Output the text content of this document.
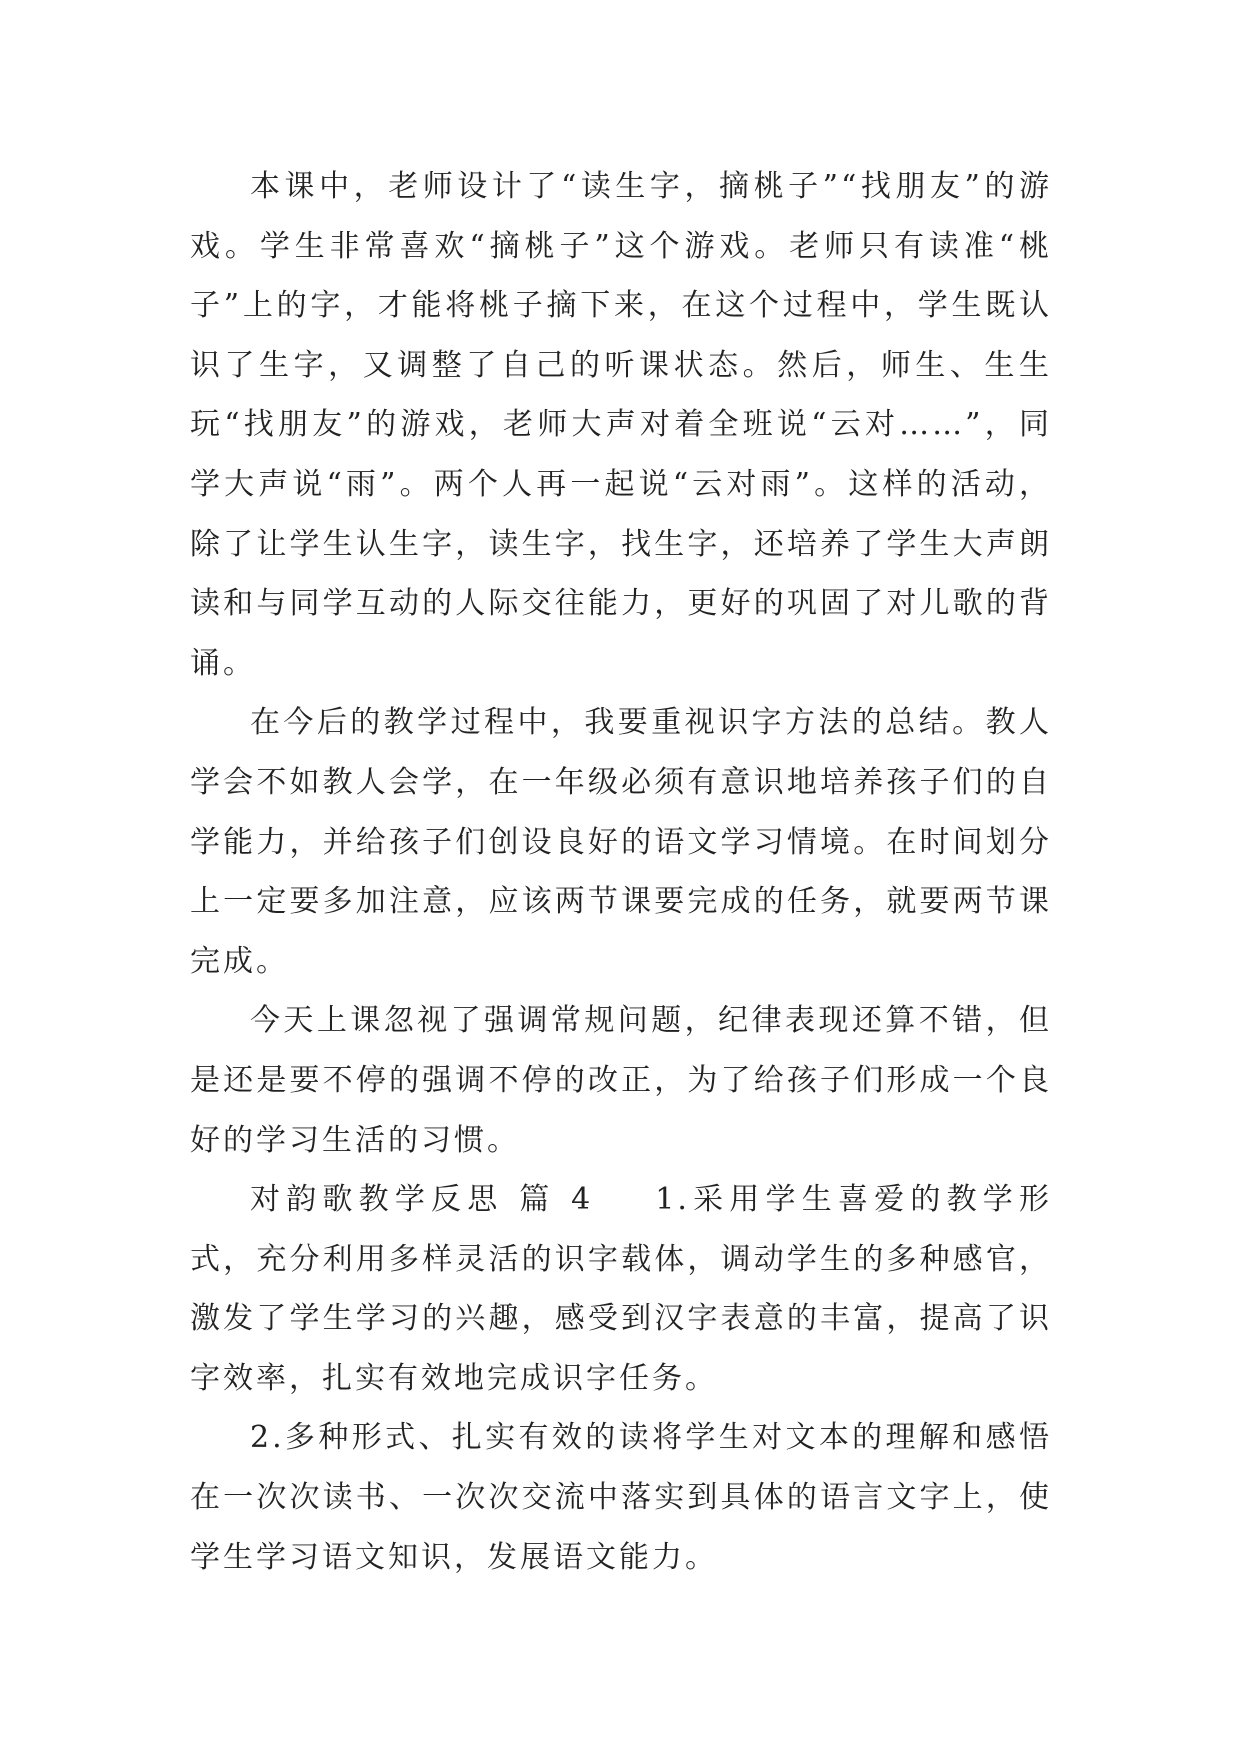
本课中，老师设计了“读生字，摘桃子”“找朋友”的游戏。学生非常喜欢“摘桃子”这个游戏。老师只有读准“桃子”上的字，才能将桃子摘下来，在这个过程中，学生既认识了生字，又调整了自己的听课状态。然后，师生、生生玩“找朋友”的游戏，老师大声对着全班说“云对……”，同学大声说“雨”。两个人再一起说“云对雨”。这样的活动，除了让学生认生字，读生字，找生字，还培养了学生大声朗读和与同学互动的人际交往能力，更好的巩固了对儿歌的背诵。

在今后的教学过程中，我要重视识字方法的总结。教人学会不如教人会学，在一年级必须有意识地培养孩子们的自学能力，并给孩子们创设良好的语文学习情境。在时间划分上一定要多加注意，应该两节课要完成的任务，就要两节课完成。

今天上课忽视了强调常规问题，纪律表现还算不错，但是还是要不停的强调不停的改正，为了给孩子们形成一个良好的学习生活的习惯。

对韵歌教学反思 篇 4 1.采用学生喜爱的教学形式，充分利用多样灵活的识字载体，调动学生的多种感官，激发了学生学习的兴趣，感受到汉字表意的丰富，提高了识字效率，扎实有效地完成识字任务。

2.多种形式、扎实有效的读将学生对文本的理解和感悟在一次次读书、一次次交流中落实到具体的语言文字上，使学生学习语文知识，发展语文能力。
